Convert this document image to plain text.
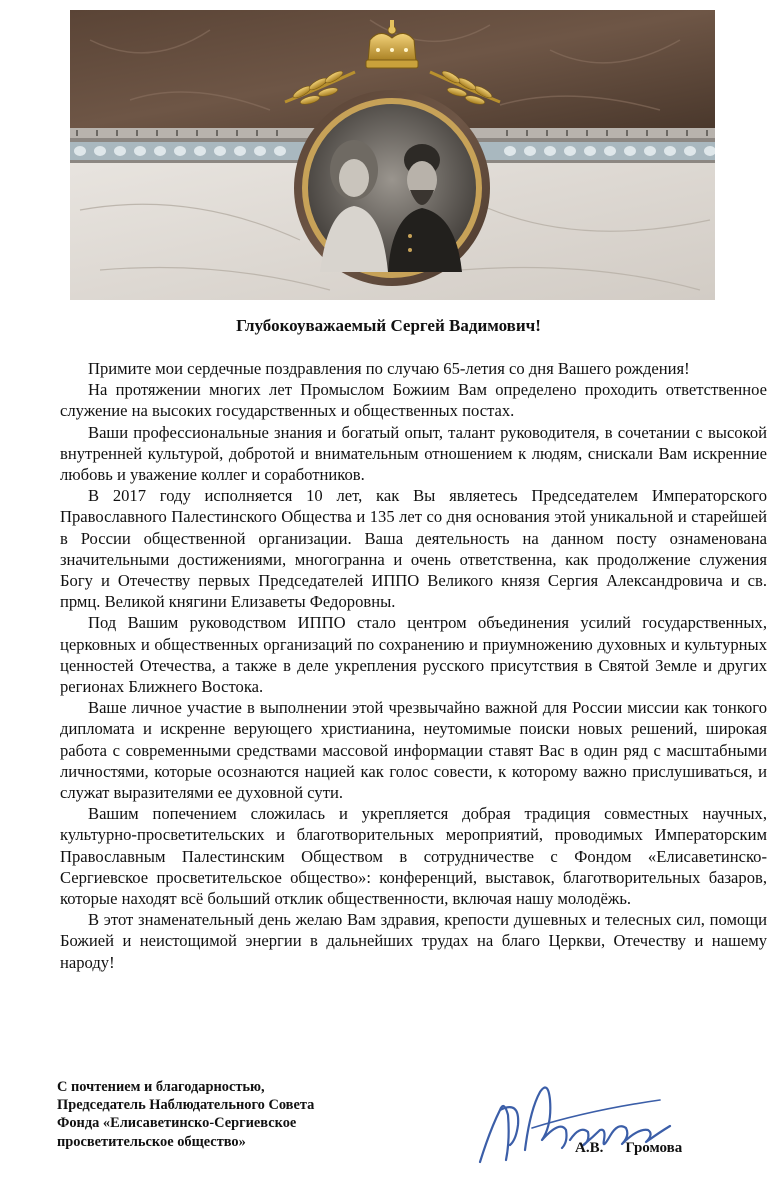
Глубокоуважаемый Сергей Вадимович!

Примите мои сердечные поздравления по случаю 65-летия со дня Вашего рождения!

На протяжении многих лет Промыслом Божиим Вам определено проходить ответственное служение на высоких государственных и общественных постах.

Ваши профессиональные знания и богатый опыт, талант руководителя, в сочетании с высокой внутренней культурой, добротой и внимательным отношением к людям, снискали Вам искренние любовь и уважение коллег и соработников.

В 2017 году исполняется 10 лет, как Вы являетесь Председателем Императорского Православного Палестинского Общества и 135 лет со дня основания этой уникальной и старейшей в России общественной организации. Ваша деятельность на данном посту ознаменована значительными достижениями, многогранна и очень ответственна, как продолжение служения Богу и Отечеству первых Председателей ИППО Великого князя Сергия Александровича и св. прмц. Великой княгини Елизаветы Федоровны.

Под Вашим руководством ИППО стало центром объединения усилий государственных, церковных и общественных организаций по сохранению и приумножению духовных и культурных ценностей Отечества, а также в деле укрепления русского присутствия в Святой Земле и других регионах Ближнего Востока.

Ваше личное участие в выполнении этой чрезвычайно важной для России миссии как тонкого дипломата и искренне верующего христианина, неутомимые поиски новых решений, широкая работа с современными средствами массовой информации ставят Вас в один ряд с масштабными личностями, которые осознаются нацией как голос совести, к которому важно прислушиваться, и служат выразителями ее духовной сути.

Вашим попечением сложилась и укрепляется добрая традиция совместных научных, культурно-просветительских и благотворительных мероприятий, проводимых Императорским Православным Палестинским Обществом в сотрудничестве с Фондом «Елисаветинско-Сергиевское просветительское общество»: конференций, выставок, благотворительных базаров, которые находят всё больший отклик общественности, включая нашу молодёжь.

В этот знаменательный день желаю Вам здравия, крепости душевных и телесных сил, помощи Божией и неистощимой энергии в дальнейших трудах на благо Церкви, Отечеству и нашему народу!

С почтением и благодарностью,
Председатель Наблюдательного Совета
Фонда «Елисаветинско-Сергиевское
просветительское общество»	А.В. Громова
